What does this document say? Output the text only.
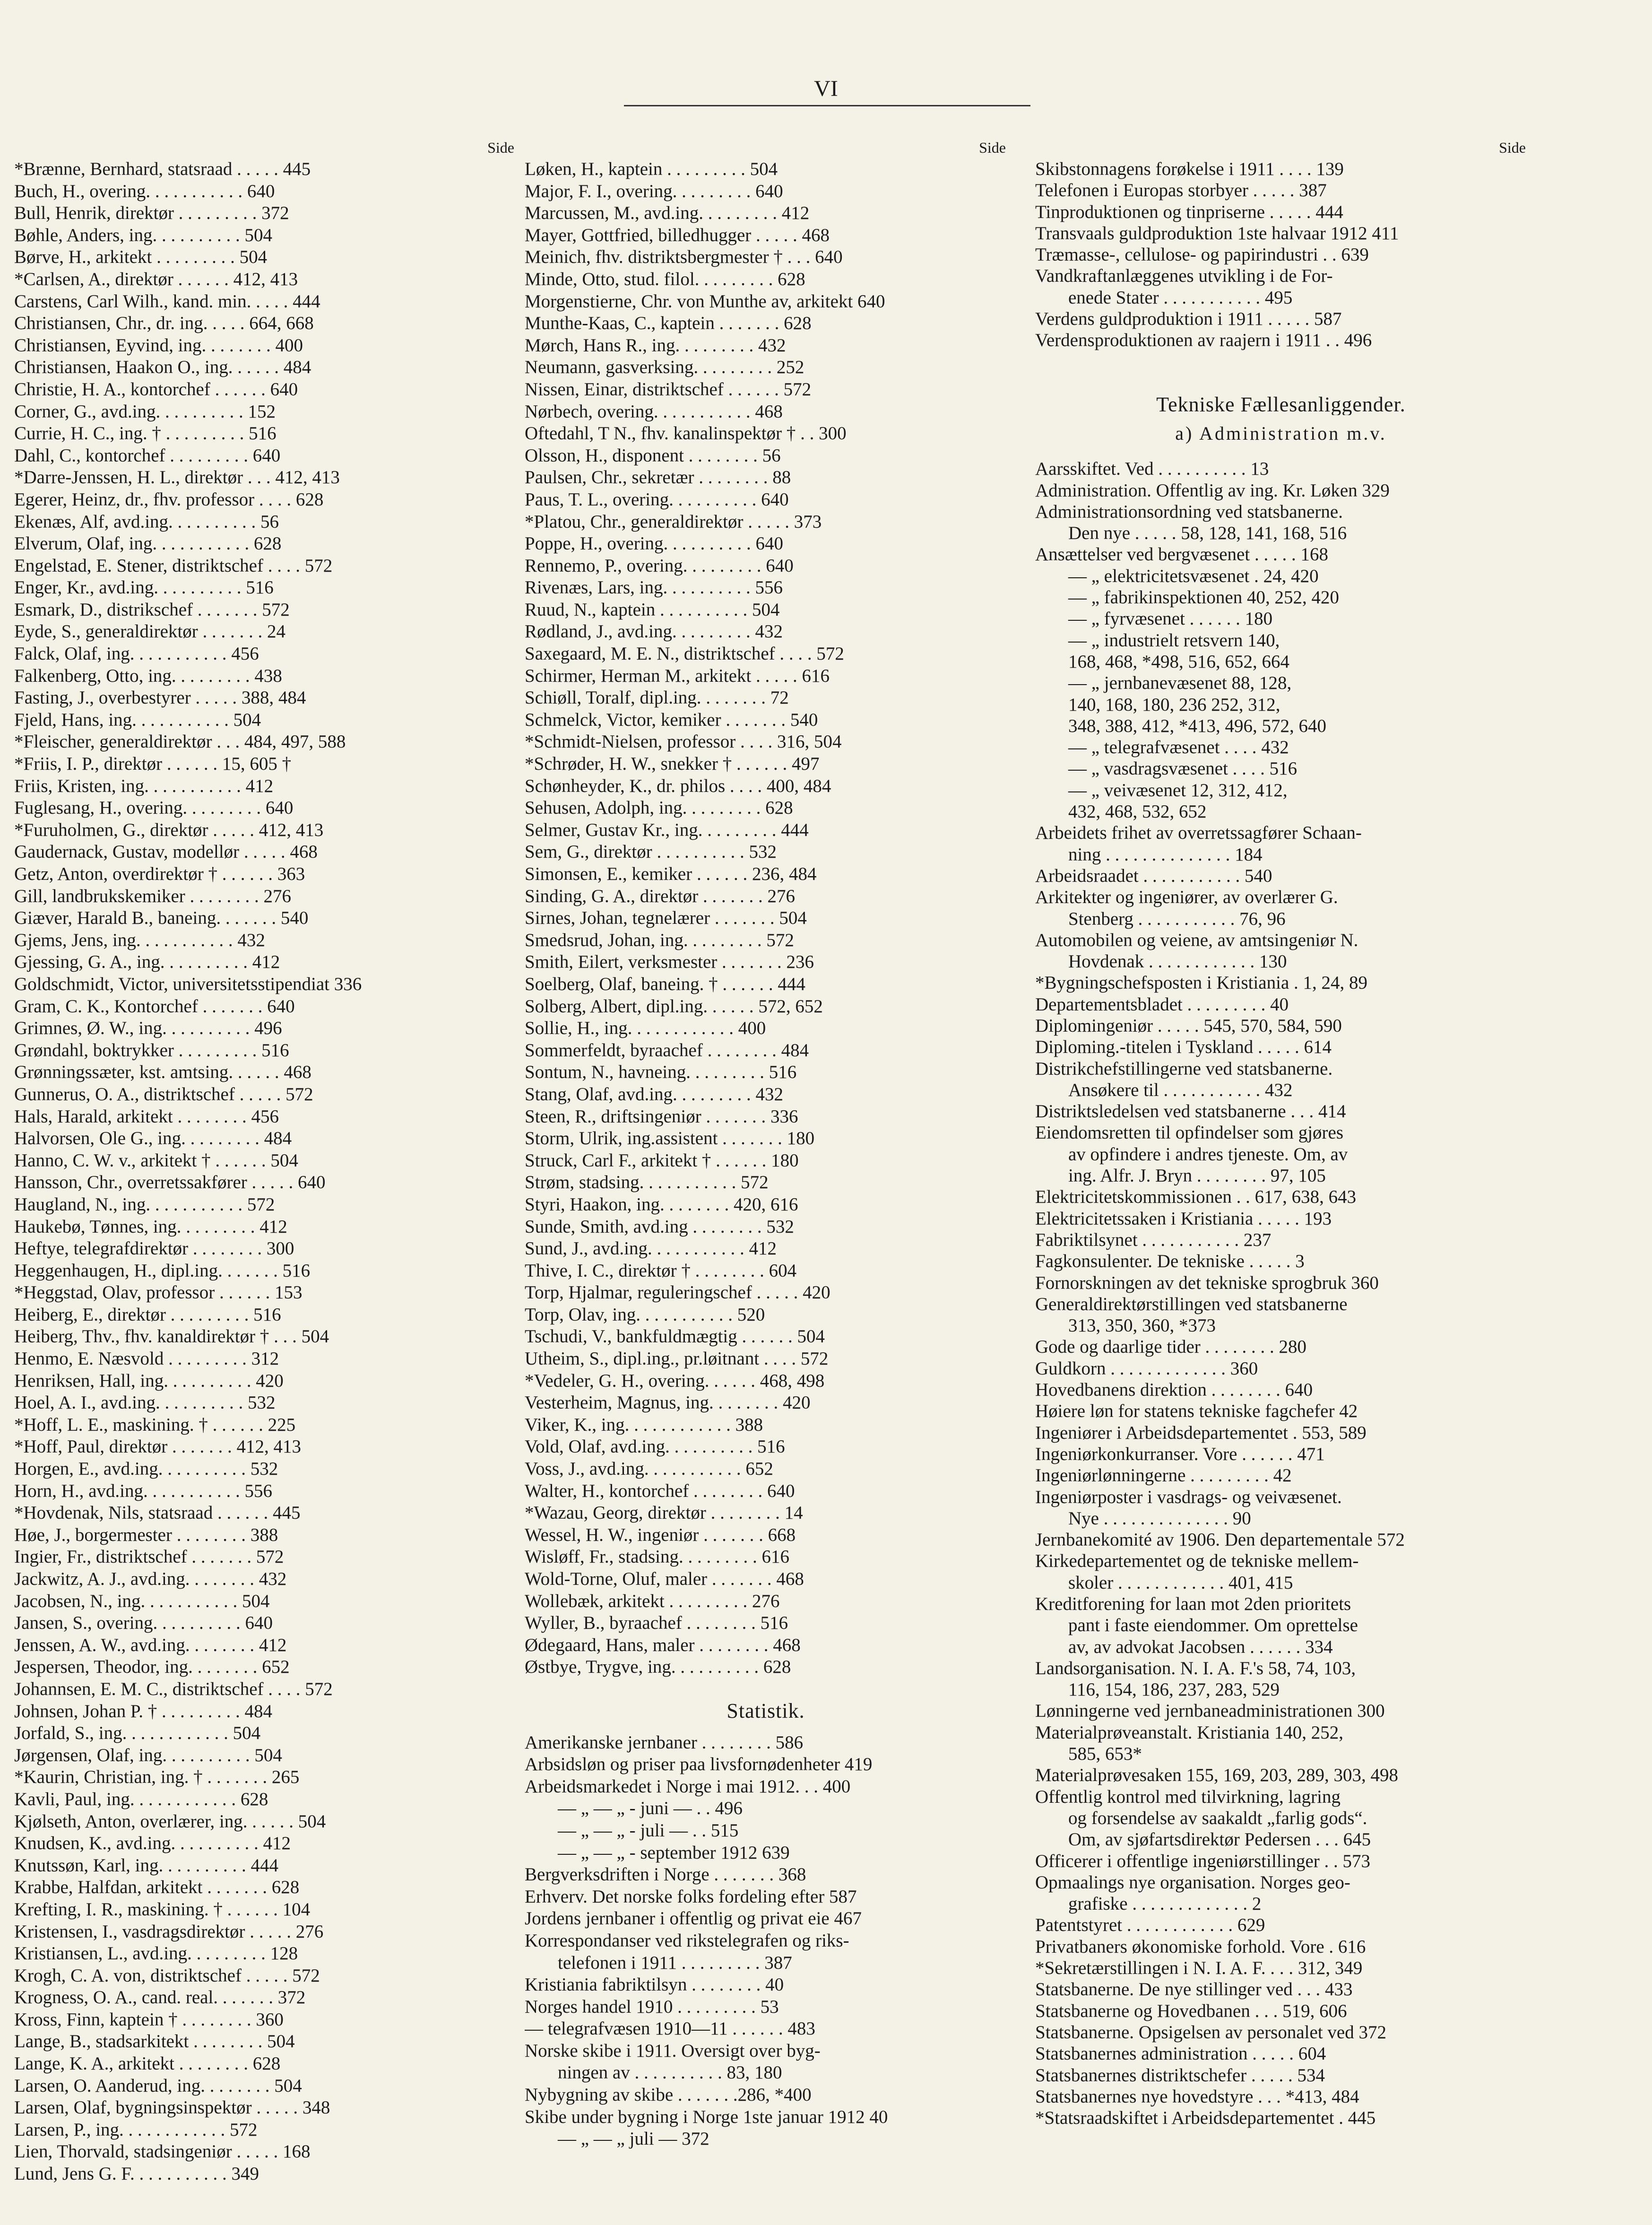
VI
Side
*Brænne, Bernhard, statsraad . . . . . 445
Buch, H., overing. . . . . . . . . . . 640
Bull, Henrik, direktør . . . . . . . . . 372
Bøhle, Anders, ing. . . . . . . . . . 504
Børve, H., arkitekt . . . . . . . . . 504
*Carlsen, A., direktør . . . . . . 412, 413
Carstens, Carl Wilh., kand. min. . . . . 444
Christiansen, Chr., dr. ing. . . . . 664, 668
Christiansen, Eyvind, ing. . . . . . . . 400
Christiansen, Haakon O., ing. . . . . . 484
Christie, H. A., kontorchef . . . . . . 640
Corner, G., avd.ing. . . . . . . . . . 152
Currie, H. C., ing. † . . . . . . . . . 516
Dahl, C., kontorchef . . . . . . . . . 640
*Darre-Jenssen, H. L., direktør . . . 412, 413
Egerer, Heinz, dr., fhv. professor . . . . 628
Ekenæs, Alf, avd.ing. . . . . . . . . . 56
Elverum, Olaf, ing. . . . . . . . . . . 628
Engelstad, E. Stener, distriktschef . . . . 572
Enger, Kr., avd.ing. . . . . . . . . . 516
Esmark, D., distrikschef . . . . . . . 572
Eyde, S., generaldirektør . . . . . . . 24
Falck, Olaf, ing. . . . . . . . . . . 456
Falkenberg, Otto, ing. . . . . . . . . 438
Fasting, J., overbestyrer . . . . . 388, 484
Fjeld, Hans, ing. . . . . . . . . . . 504
*Fleischer, generaldirektør . . . 484, 497, 588
*Friis, I. P., direktør . . . . . . 15, 605 †
Friis, Kristen, ing. . . . . . . . . . . 412
Fuglesang, H., overing. . . . . . . . . 640
*Furuholmen, G., direktør . . . . . 412, 413
Gaudernack, Gustav, modellør . . . . . 468
Getz, Anton, overdirektør † . . . . . . 363
Gill, landbrukskemiker . . . . . . . . 276
Giæver, Harald B., baneing. . . . . . . 540
Gjems, Jens, ing. . . . . . . . . . . 432
Gjessing, G. A., ing. . . . . . . . . . 412
Goldschmidt, Victor, universitetsstipendiat 336
Gram, C. K., Kontorchef . . . . . . . 640
Grimnes, Ø. W., ing. . . . . . . . . . 496
Grøndahl, boktrykker . . . . . . . . . 516
Grønningssæter, kst. amtsing. . . . . . 468
Gunnerus, O. A., distriktschef . . . . . 572
Hals, Harald, arkitekt . . . . . . . . 456
Halvorsen, Ole G., ing. . . . . . . . . 484
Hanno, C. W. v., arkitekt † . . . . . . 504
Hansson, Chr., overretssakfører . . . . . 640
Haugland, N., ing. . . . . . . . . . . 572
Haukebø, Tønnes, ing. . . . . . . . . 412
Heftye, telegrafdirektør . . . . . . . . 300
Heggenhaugen, H., dipl.ing. . . . . . . 516
*Heggstad, Olav, professor . . . . . . 153
Heiberg, E., direktør . . . . . . . . . 516
Heiberg, Thv., fhv. kanaldirektør † . . . 504
Henmo, E. Næsvold . . . . . . . . . 312
Henriksen, Hall, ing. . . . . . . . . . 420
Hoel, A. I., avd.ing. . . . . . . . . . 532
*Hoff, L. E., maskining. † . . . . . . 225
*Hoff, Paul, direktør . . . . . . . 412, 413
Horgen, E., avd.ing. . . . . . . . . . 532
Horn, H., avd.ing. . . . . . . . . . . 556
*Hovdenak, Nils, statsraad . . . . . . 445
Høe, J., borgermester . . . . . . . . 388
Ingier, Fr., distriktschef . . . . . . . 572
Jackwitz, A. J., avd.ing. . . . . . . . 432
Jacobsen, N., ing. . . . . . . . . . . 504
Jansen, S., overing. . . . . . . . . . 640
Jenssen, A. W., avd.ing. . . . . . . . 412
Jespersen, Theodor, ing. . . . . . . . 652
Johannsen, E. M. C., distriktschef . . . . 572
Johnsen, Johan P. † . . . . . . . . . 484
Jorfald, S., ing. . . . . . . . . . . . 504
Jørgensen, Olaf, ing. . . . . . . . . . 504
*Kaurin, Christian, ing. † . . . . . . . 265
Kavli, Paul, ing. . . . . . . . . . . . 628
Kjølseth, Anton, overlærer, ing. . . . . . 504
Knudsen, K., avd.ing. . . . . . . . . . 412
Knutssøn, Karl, ing. . . . . . . . . . 444
Krabbe, Halfdan, arkitekt . . . . . . . 628
Krefting, I. R., maskining. † . . . . . . 104
Kristensen, I., vasdragsdirektør . . . . . 276
Kristiansen, L., avd.ing. . . . . . . . . 128
Krogh, C. A. von, distriktschef . . . . . 572
Krogness, O. A., cand. real. . . . . . . 372
Kross, Finn, kaptein † . . . . . . . . 360
Lange, B., stadsarkitekt . . . . . . . . 504
Lange, K. A., arkitekt . . . . . . . . 628
Larsen, O. Aanderud, ing. . . . . . . . 504
Larsen, Olaf, bygningsinspektør . . . . . 348
Larsen, P., ing. . . . . . . . . . . . 572
Lien, Thorvald, stadsingeniør . . . . . 168
Lund, Jens G. F. . . . . . . . . . . 349
Side
Løken, H., kaptein . . . . . . . . . 504
Major, F. I., overing. . . . . . . . . 640
Marcussen, M., avd.ing. . . . . . . . . 412
Mayer, Gottfried, billedhugger . . . . . 468
Meinich, fhv. distriktsbergmester † . . . 640
Minde, Otto, stud. filol. . . . . . . . . 628
Morgenstierne, Chr. von Munthe av, arkitekt 640
Munthe-Kaas, C., kaptein . . . . . . . 628
Mørch, Hans R., ing. . . . . . . . . 432
Neumann, gasverksing. . . . . . . . . 252
Nissen, Einar, distriktschef . . . . . . 572
Nørbech, overing. . . . . . . . . . . 468
Oftedahl, T N., fhv. kanalinspektør † . . 300
Olsson, H., disponent . . . . . . . . 56
Paulsen, Chr., sekretær . . . . . . . . 88
Paus, T. L., overing. . . . . . . . . . 640
*Platou, Chr., generaldirektør . . . . . 373
Poppe, H., overing. . . . . . . . . . 640
Rennemo, P., overing. . . . . . . . . 640
Rivenæs, Lars, ing. . . . . . . . . . 556
Ruud, N., kaptein . . . . . . . . . . 504
Rødland, J., avd.ing. . . . . . . . . 432
Saxegaard, M. E. N., distriktschef . . . . 572
Schirmer, Herman M., arkitekt . . . . . 616
Schiøll, Toralf, dipl.ing. . . . . . . . 72
Schmelck, Victor, kemiker . . . . . . . 540
*Schmidt-Nielsen, professor . . . . 316, 504
*Schrøder, H. W., snekker † . . . . . . 497
Schønheyder, K., dr. philos . . . . 400, 484
Sehusen, Adolph, ing. . . . . . . . . 628
Selmer, Gustav Kr., ing. . . . . . . . . 444
Sem, G., direktør . . . . . . . . . . 532
Simonsen, E., kemiker . . . . . . 236, 484
Sinding, G. A., direktør . . . . . . . 276
Sirnes, Johan, tegnelærer . . . . . . . 504
Smedsrud, Johan, ing. . . . . . . . . 572
Smith, Eilert, verksmester . . . . . . . 236
Soelberg, Olaf, baneing. † . . . . . . 444
Solberg, Albert, dipl.ing. . . . . . 572, 652
Sollie, H., ing. . . . . . . . . . . . 400
Sommerfeldt, byraachef . . . . . . . . 484
Sontum, N., havneing. . . . . . . . . 516
Stang, Olaf, avd.ing. . . . . . . . . 432
Steen, R., driftsingeniør . . . . . . . 336
Storm, Ulrik, ing.assistent . . . . . . . 180
Struck, Carl F., arkitekt † . . . . . . 180
Strøm, stadsing. . . . . . . . . . . 572
Styri, Haakon, ing. . . . . . . . 420, 616
Sunde, Smith, avd.ing . . . . . . . . 532
Sund, J., avd.ing. . . . . . . . . . . 412
Thive, I. C., direktør † . . . . . . . . 604
Torp, Hjalmar, reguleringschef . . . . . 420
Torp, Olav, ing. . . . . . . . . . . 520
Tschudi, V., bankfuldmægtig . . . . . . 504
Utheim, S., dipl.ing., pr.løitnant . . . . 572
*Vedeler, G. H., overing. . . . . . 468, 498
Vesterheim, Magnus, ing. . . . . . . . 420
Viker, K., ing. . . . . . . . . . . . 388
Vold, Olaf, avd.ing. . . . . . . . . . 516
Voss, J., avd.ing. . . . . . . . . . . 652
Walter, H., kontorchef . . . . . . . . 640
*Wazau, Georg, direktør . . . . . . . . 14
Wessel, H. W., ingeniør . . . . . . . 668
Wisløff, Fr., stadsing. . . . . . . . . 616
Wold-Torne, Oluf, maler . . . . . . . 468
Wollebæk, arkitekt . . . . . . . . . 276
Wyller, B., byraachef . . . . . . . . 516
Ødegaard, Hans, maler . . . . . . . . 468
Østbye, Trygve, ing. . . . . . . . . . 628
Statistik.
Amerikanske jernbaner . . . . . . . . 586
Arbsidsløn og priser paa livsfornødenheter 419
Arbeidsmarkedet i Norge i mai 1912. . . 400
— „ — „ - juni — . . 496
— „ — „ - juli — . . 515
— „ — „ - september 1912 639
Bergverksdriften i Norge . . . . . . . 368
Erhverv. Det norske folks fordeling efter 587
Jordens jernbaner i offentlig og privat eie 467
Korrespondanser ved rikstelegrafen og riks-
telefonen i 1911 . . . . . . . . . 387
Kristiania fabriktilsyn . . . . . . . . 40
Norges handel 1910 . . . . . . . . . 53
— telegrafvæsen 1910—11 . . . . . . 483
Norske skibe i 1911. Oversigt over byg-
ningen av . . . . . . . . . . 83, 180
Nybygning av skibe . . . . . . .286, *400
Skibe under bygning i Norge 1ste januar 1912 40
— „ — „ juli — 372
Side
Skibstonnagens forøkelse i 1911 . . . . 139
Telefonen i Europas storbyer . . . . . 387
Tinproduktionen og tinpriserne . . . . . 444
Transvaals guldproduktion 1ste halvaar 1912 411
Træmasse-, cellulose- og papirindustri . . 639
Vandkraftanlæggenes utvikling i de For-
enede Stater . . . . . . . . . . . 495
Verdens guldproduktion i 1911 . . . . . 587
Verdensproduktionen av raajern i 1911 . . 496
Tekniske Fællesanliggender.
a) Administration m.v.
Aarsskiftet. Ved . . . . . . . . . . 13
Administration. Offentlig av ing. Kr. Løken 329
Administrationsordning ved statsbanerne.
Den nye . . . . . 58, 128, 141, 168, 516
Ansættelser ved bergvæsenet . . . . . 168
— „ elektricitetsvæsenet . 24, 420
— „ fabrikinspektionen 40, 252, 420
— „ fyrvæsenet . . . . . . 180
— „ industrielt retsvern 140,
168, 468, *498, 516, 652, 664
— „ jernbanevæsenet 88, 128,
140, 168, 180, 236 252, 312,
348, 388, 412, *413, 496, 572, 640
— „ telegrafvæsenet . . . . 432
— „ vasdragsvæsenet . . . . 516
— „ veivæsenet 12, 312, 412,
432, 468, 532, 652
Arbeidets frihet av overretssagfører Schaan-
ning . . . . . . . . . . . . . . 184
Arbeidsraadet . . . . . . . . . . . 540
Arkitekter og ingeniører, av overlærer G.
Stenberg . . . . . . . . . . . 76, 96
Automobilen og veiene, av amtsingeniør N.
Hovdenak . . . . . . . . . . . . 130
*Bygningschefsposten i Kristiania . 1, 24, 89
Departementsbladet . . . . . . . . . 40
Diplomingeniør . . . . . 545, 570, 584, 590
Diploming.-titelen i Tyskland . . . . . 614
Distrikchefstillingerne ved statsbanerne.
Ansøkere til . . . . . . . . . . . 432
Distriktsledelsen ved statsbanerne . . . 414
Eiendomsretten til opfindelser som gjøres
av opfindere i andres tjeneste. Om, av
ing. Alfr. J. Bryn . . . . . . . . 97, 105
Elektricitetskommissionen . . 617, 638, 643
Elektricitetssaken i Kristiania . . . . . 193
Fabriktilsynet . . . . . . . . . . . 237
Fagkonsulenter. De tekniske . . . . . 3
Fornorskningen av det tekniske sprogbruk 360
Generaldirektørstillingen ved statsbanerne
313, 350, 360, *373
Gode og daarlige tider . . . . . . . . 280
Guldkorn . . . . . . . . . . . . . 360
Hovedbanens direktion . . . . . . . . 640
Høiere løn for statens tekniske fagchefer 42
Ingeniører i Arbeidsdepartementet . 553, 589
Ingeniørkonkurranser. Vore . . . . . . 471
Ingeniørlønningerne . . . . . . . . . 42
Ingeniørposter i vasdrags- og veivæsenet.
Nye . . . . . . . . . . . . . . 90
Jernbanekomité av 1906. Den departementale 572
Kirkedepartementet og de tekniske mellem-
skoler . . . . . . . . . . . . 401, 415
Kreditforening for laan mot 2den prioritets
pant i faste eiendommer. Om oprettelse
av, av advokat Jacobsen . . . . . . 334
Landsorganisation. N. I. A. F.'s 58, 74, 103,
116, 154, 186, 237, 283, 529
Lønningerne ved jernbaneadministrationen 300
Materialprøveanstalt. Kristiania 140, 252,
585, 653*
Materialprøvesaken 155, 169, 203, 289, 303, 498
Offentlig kontrol med tilvirkning, lagring
og forsendelse av saakaldt „farlig gods“.
Om, av sjøfartsdirektør Pedersen . . . 645
Officerer i offentlige ingeniørstillinger . . 573
Opmaalings nye organisation. Norges geo-
grafiske . . . . . . . . . . . . . 2
Patentstyret . . . . . . . . . . . . 629
Privatbaners økonomiske forhold. Vore . 616
*Sekretærstillingen i N. I. A. F. . . . 312, 349
Statsbanerne. De nye stillinger ved . . . 433
Statsbanerne og Hovedbanen . . . 519, 606
Statsbanerne. Opsigelsen av personalet ved 372
Statsbanernes administration . . . . . 604
Statsbanernes distriktschefer . . . . . 534
Statsbanernes nye hovedstyre . . . *413, 484
*Statsraadskiftet i Arbeidsdepartementet . 445
